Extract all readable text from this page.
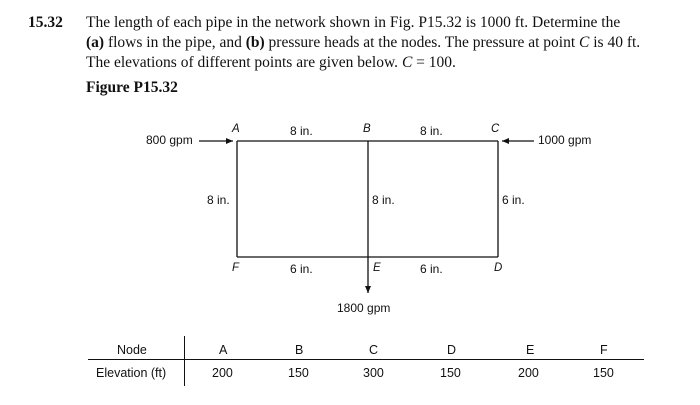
15.32 The length of each pipe in the network shown in Fig. P15.32 is 1000 ft. Determine the
(a) flows in the pipe, and (b) pressure heads at the nodes. The pressure at point C is 40 ft.
The elevations of different points are given below. C = 100.
Figure P15.32
800 gpm	1000 gpm
1800 gpm
A	B	C
D
E
F
8 in.	8 in.
8 in.	8 in.	6 in.
6 in.	6 in.
Node	A	B	C	D	E	F
Elevation (ft)	200	150	300	150	200	150
